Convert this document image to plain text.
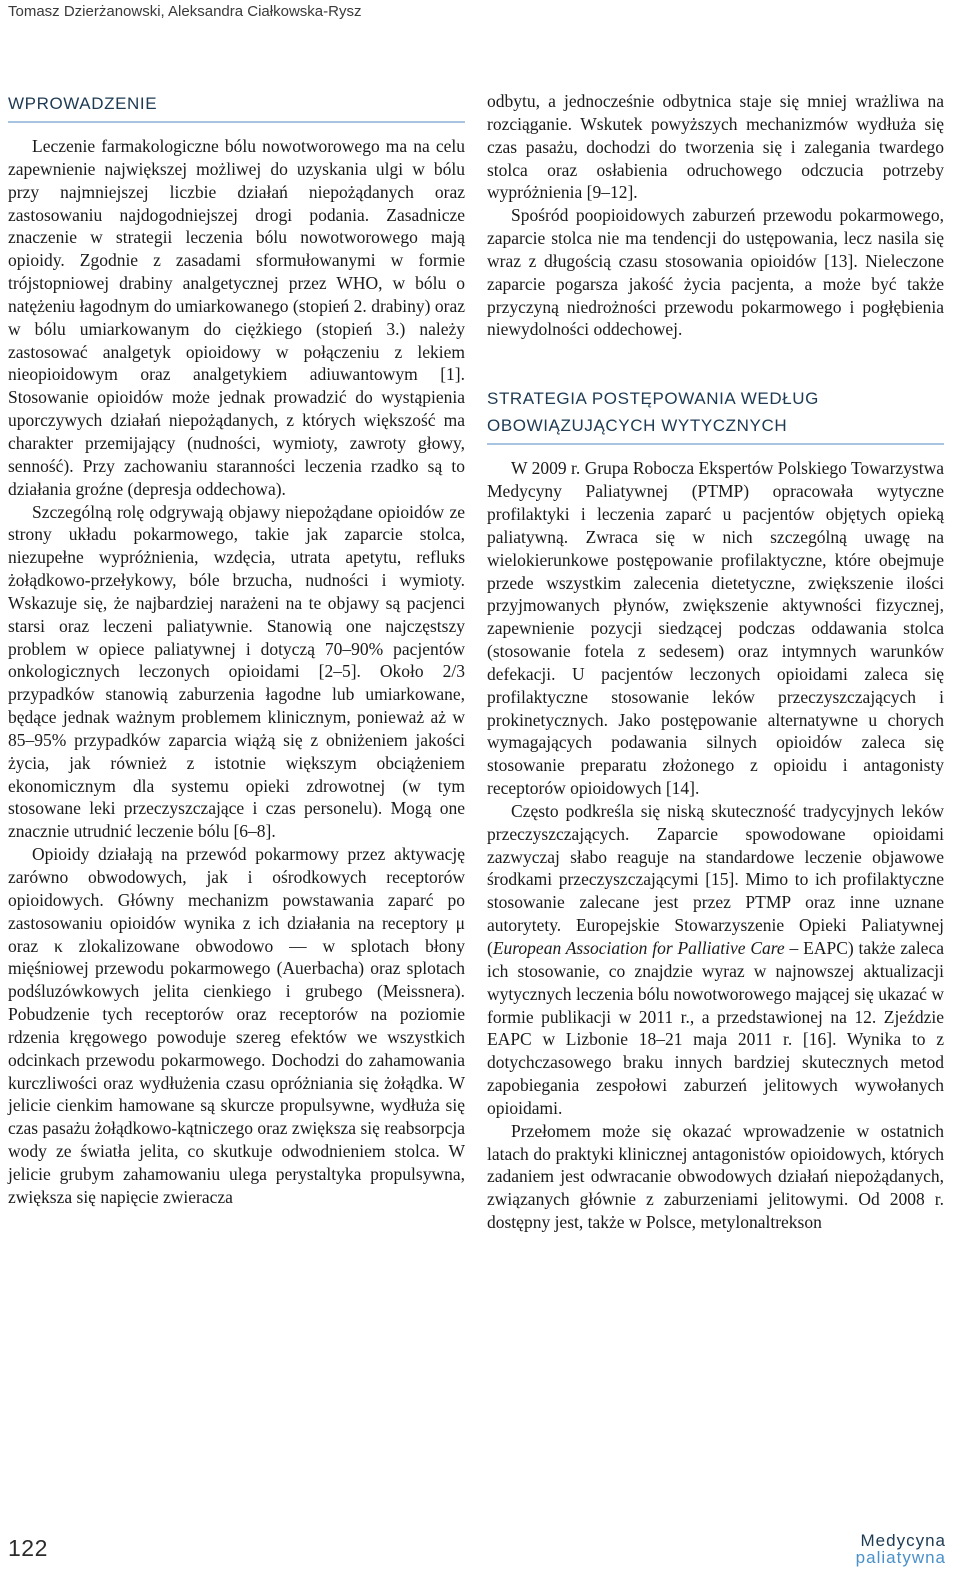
Tomasz Dzierżanowski, Aleksandra Ciałkowska-Rysz
WPROWADZENIE

Leczenie farmakologiczne bólu nowotworowego ma na celu zapewnienie największej możliwej do uzyskania ulgi w bólu przy najmniejszej liczbie działań niepożądanych oraz zastosowaniu najdogodniejszej drogi podania. Zasadnicze znaczenie w strategii leczenia bólu nowotworowego mają opioidy. Zgodnie z zasadami sformułowanymi w formie trójstopniowej drabiny analgetycznej przez WHO, w bólu o natężeniu łagodnym do umiarkowanego (stopień 2. drabiny) oraz w bólu umiarkowanym do ciężkiego (stopień 3.) należy zastosować analgetyk opioidowy w połączeniu z lekiem nieopioidowym oraz analgetykiem adiuwantowym [1]. Stosowanie opioidów może jednak prowadzić do wystąpienia uporczywych działań niepożądanych, z których większość ma charakter przemijający (nudności, wymioty, zawroty głowy, senność). Przy zachowaniu staranności leczenia rzadko są to działania groźne (depresja oddechowa).

Szczególną rolę odgrywają objawy niepożądane opioidów ze strony układu pokarmowego, takie jak zaparcie stolca, niezupełne wypróżnienia, wzdęcia, utrata apetytu, refluks żołądkowo-przełykowy, bóle brzucha, nudności i wymioty. Wskazuje się, że najbardziej narażeni na te objawy są pacjenci starsi oraz leczeni paliatywnie. Stanowią one najczęstszy problem w opiece paliatywnej i dotyczą 70–90% pacjentów onkologicznych leczonych opioidami [2–5]. Około 2/3 przypadków stanowią zaburzenia łagodne lub umiarkowane, będące jednak ważnym problemem klinicznym, ponieważ aż w 85–95% przypadków zaparcia wiążą się z obniżeniem jakości życia, jak również z istotnie większym obciążeniem ekonomicznym dla systemu opieki zdrowotnej (w tym stosowane leki przeczyszczające i czas personelu). Mogą one znacznie utrudnić leczenie bólu [6–8].

Opioidy działają na przewód pokarmowy przez aktywację zarówno obwodowych, jak i ośrodkowych receptorów opioidowych. Główny mechanizm powstawania zaparć po zastosowaniu opioidów wynika z ich działania na receptory μ oraz κ zlokalizowane obwodowo — w splotach błony mięśniowej przewodu pokarmowego (Auerbacha) oraz splotach podśluzówkowych jelita cienkiego i grubego (Meissnera). Pobudzenie tych receptorów oraz receptorów na poziomie rdzenia kręgowego powoduje szereg efektów we wszystkich odcinkach przewodu pokarmowego. Dochodzi do zahamowania kurczliwości oraz wydłużenia czasu opróżniania się żołądka. W jelicie cienkim hamowane są skurcze propulsywne, wydłuża się czas pasażu żołądkowo-kątniczego oraz zwiększa się reabsorpcja wody ze światła jelita, co skutkuje odwodnieniem stolca. W jelicie grubym zahamowaniu ulega perystaltyka propulsywna, zwiększa się napięcie zwieracza

odbytu, a jednocześnie odbytnica staje się mniej wrażliwa na rozciąganie. Wskutek powyższych mechanizmów wydłuża się czas pasażu, dochodzi do tworzenia się i zalegania twardego stolca oraz osłabienia odruchowego odczucia potrzeby wypróżnienia [9–12].

Spośród poopioidowych zaburzeń przewodu pokarmowego, zaparcie stolca nie ma tendencji do ustępowania, lecz nasila się wraz z długością czasu stosowania opioidów [13]. Nieleczone zaparcie pogarsza jakość życia pacjenta, a może być także przyczyną niedrożności przewodu pokarmowego i pogłębienia niewydolności oddechowej.

STRATEGIA POSTĘPOWANIA WEDŁUG OBOWIĄZUJĄCYCH WYTYCZNYCH

W 2009 r. Grupa Robocza Ekspertów Polskiego Towarzystwa Medycyny Paliatywnej (PTMP) opracowała wytyczne profilaktyki i leczenia zaparć u pacjentów objętych opieką paliatywną. Zwraca się w nich szczególną uwagę na wielokierunkowe postępowanie profilaktyczne, które obejmuje przede wszystkim zalecenia dietetyczne, zwiększenie ilości przyjmowanych płynów, zwiększenie aktywności fizycznej, zapewnienie pozycji siedzącej podczas oddawania stolca (stosowanie fotela z sedesem) oraz intymnych warunków defekacji. U pacjentów leczonych opioidami zaleca się profilaktyczne stosowanie leków przeczyszczających i prokinetycznych. Jako postępowanie alternatywne u chorych wymagających podawania silnych opioidów zaleca się stosowanie preparatu złożonego z opioidu i antagonisty receptorów opioidowych [14].

Często podkreśla się niską skuteczność tradycyjnych leków przeczyszczających. Zaparcie spowodowane opioidami zazwyczaj słabo reaguje na standardowe leczenie objawowe środkami przeczyszczającymi [15]. Mimo to ich profilaktyczne stosowanie zalecane jest przez PTMP oraz inne uznane autorytety. Europejskie Stowarzyszenie Opieki Paliatywnej (European Association for Palliative Care – EAPC) także zaleca ich stosowanie, co znajdzie wyraz w najnowszej aktualizacji wytycznych leczenia bólu nowotworowego mającej się ukazać w formie publikacji w 2011 r., a przedstawionej na 12. Zjeździe EAPC w Lizbonie 18–21 maja 2011 r. [16]. Wynika to z dotychczasowego braku innych bardziej skutecznych metod zapobiegania zespołowi zaburzeń jelitowych wywołanych opioidami.

Przełomem może się okazać wprowadzenie w ostatnich latach do praktyki klinicznej antagonistów opioidowych, których zadaniem jest odwracanie obwodowych działań niepożądanych, związanych głównie z zaburzeniami jelitowymi. Od 2008 r. dostępny jest, także w Polsce, metylonaltrekson

122	Medycyna
paliatywna
